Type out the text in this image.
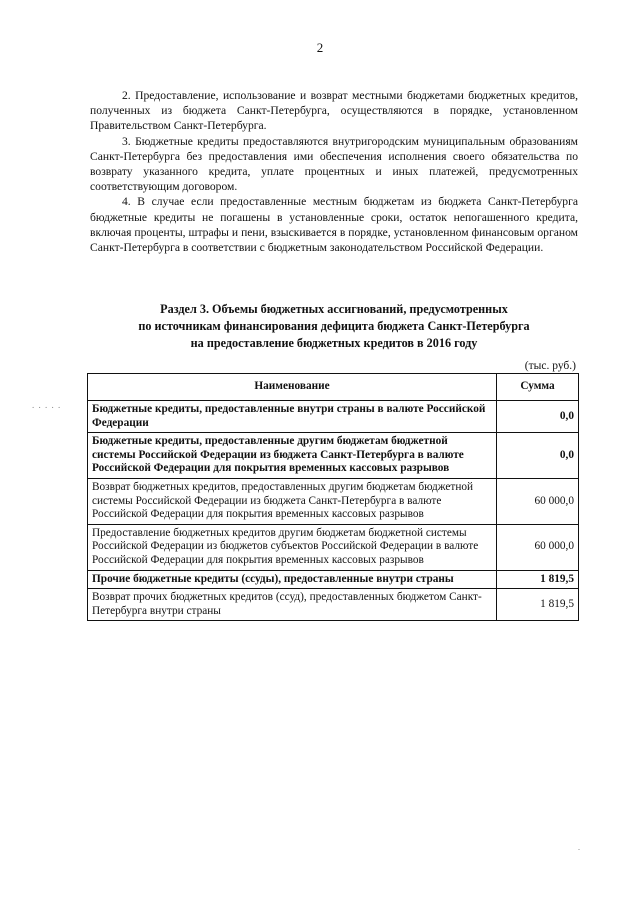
2

2. Предоставление, использование и возврат местными бюджетами бюджетных кредитов, полученных из бюджета Санкт-Петербурга, осуществляются в порядке, установленном Правительством Санкт-Петербурга.

3. Бюджетные кредиты предоставляются внутригородским муниципальным образованиям Санкт-Петербурга без предоставления ими обеспечения исполнения своего обязательства по возврату указанного кредита, уплате процентных и иных платежей, предусмотренных соответствующим договором.

4. В случае если предоставленные местным бюджетам из бюджета Санкт-Петербурга бюджетные кредиты не погашены в установленные сроки, остаток непогашенного кредита, включая проценты, штрафы и пени, взыскивается в порядке, установленном финансовым органом Санкт-Петербурга в соответствии с бюджетным законодательством Российской Федерации.

Раздел 3. Объемы бюджетных ассигнований, предусмотренных
по источникам финансирования дефицита бюджета Санкт-Петербурга
на предоставление бюджетных кредитов в 2016 году
(тыс. руб.)
. . . . .
.
Наименование	Сумма
Бюджетные кредиты, предоставленные внутри страны в валюте Российской Федерации	0,0
Бюджетные кредиты, предоставленные другим бюджетам бюджетной системы Российской Федерации из бюджета Санкт-Петербурга в валюте Российской Федерации для покрытия временных кассовых разрывов	0,0
Возврат бюджетных кредитов, предоставленных другим бюджетам бюджетной системы Российской Федерации из бюджета Санкт-Петербурга в валюте Российской Федерации для покрытия временных кассовых разрывов	60 000,0
Предоставление бюджетных кредитов другим бюджетам бюджетной системы Российской Федерации из бюджетов субъектов Российской Федерации в валюте Российской Федерации для покрытия временных кассовых разрывов	60 000,0
Прочие бюджетные кредиты (ссуды), предоставленные внутри страны	1 819,5
Возврат прочих бюджетных кредитов (ссуд), предоставленных бюджетом Санкт-Петербурга внутри страны	1 819,5
